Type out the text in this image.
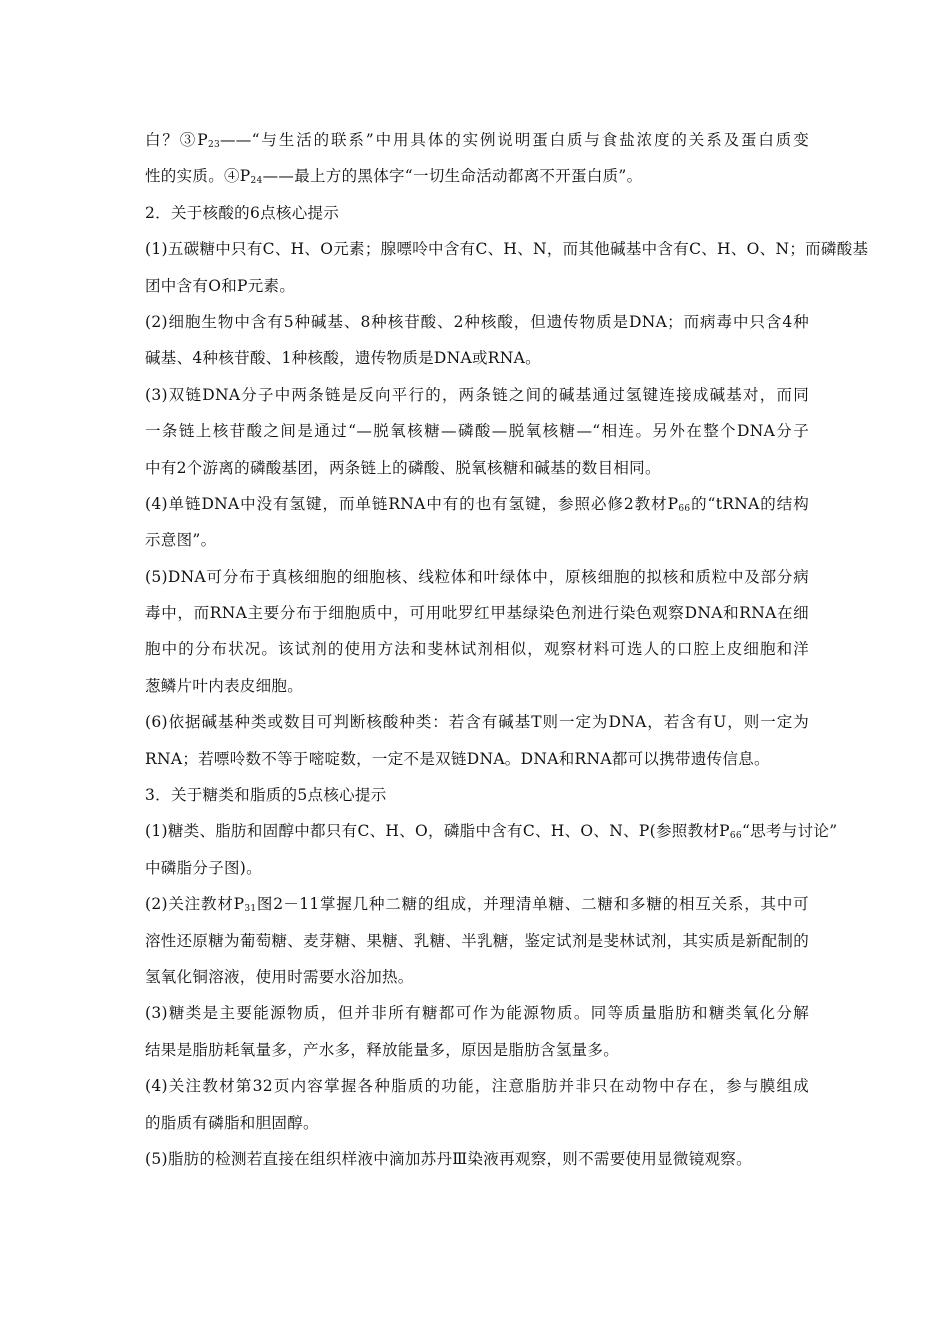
白？$③P_{23}——“$与生活的联系”中用具体的实例说明蛋白质与食盐浓度的关系及蛋白质变
性的实质。$④P_{24}——$最上方的黑体字“一切生命活动都离不开蛋白质”。
2．关于核酸的6点核心提示
(1)五碳糖中只有C、H、O元素；腺嘌呤中含有C、H、N，而其他碱基中含有C、H、O、N；而磷酸基
团中含有O和P元素。
(2)细胞生物中含有5种碱基、8种核苷酸、2种核酸，但遗传物质是DNA；而病毒中只含4种
碱基、4种核苷酸、1种核酸，遗传物质是DNA或RNA。
(3)双链DNA分子中两条链是反向平行的，两条链之间的碱基通过氢键连接成碱基对，而同
一条链上核苷酸之间是通过“—脱氧核糖—磷酸—脱氧核糖—“相连。另外在整个DNA分子
中有2个游离的磷酸基团，两条链上的磷酸、脱氧核糖和碱基的数目相同。
(4)单链DNA中没有氢键，而单链RNA中有的也有氢键，参照必修2教材$P_{66}$的“tRNA的结构
示意图”。
(5)DNA可分布于真核细胞的细胞核、线粒体和叶绿体中，原核细胞的拟核和质粒中及部分病
毒中，而RNA主要分布于细胞质中，可用吡罗红甲基绿染色剂进行染色观察DNA和RNA在细
胞中的分布状况。该试剂的使用方法和斐林试剂相似，观察材料可选人的口腔上皮细胞和洋
葱鳞片叶内表皮细胞。
(6)依据碱基种类或数目可判断核酸种类：若含有碱基T则一定为DNA，若含有U，则一定为
RNA；若嘌呤数不等于嘧啶数，一定不是双链DNA。DNA和RNA都可以携带遗传信息。
3．关于糖类和脂质的5点核心提示
(1)糖类、脂肪和固醇中都只有C、H、O，磷脂中含有C、H、O、N、P(参照教材$P_{66}“$思考与讨论”
中磷脂分子图)。
(2)关注教材$P_{31}$图2－11掌握几种二糖的组成，并理清单糖、二糖和多糖的相互关系，其中可
溶性还原糖为葡萄糖、麦芽糖、果糖、乳糖、半乳糖，鉴定试剂是斐林试剂，其实质是新配制的
氢氧化铜溶液，使用时需要水浴加热。
(3)糖类是主要能源物质，但并非所有糖都可作为能源物质。同等质量脂肪和糖类氧化分解
结果是脂肪耗氧量多，产水多，释放能量多，原因是脂肪含氢量多。
(4)关注教材第32页内容掌握各种脂质的功能，注意脂肪并非只在动物中存在，参与膜组成
的脂质有磷脂和胆固醇。
(5)脂肪的检测若直接在组织样液中滴加苏丹Ⅲ染液再观察，则不需要使用显微镜观察。
